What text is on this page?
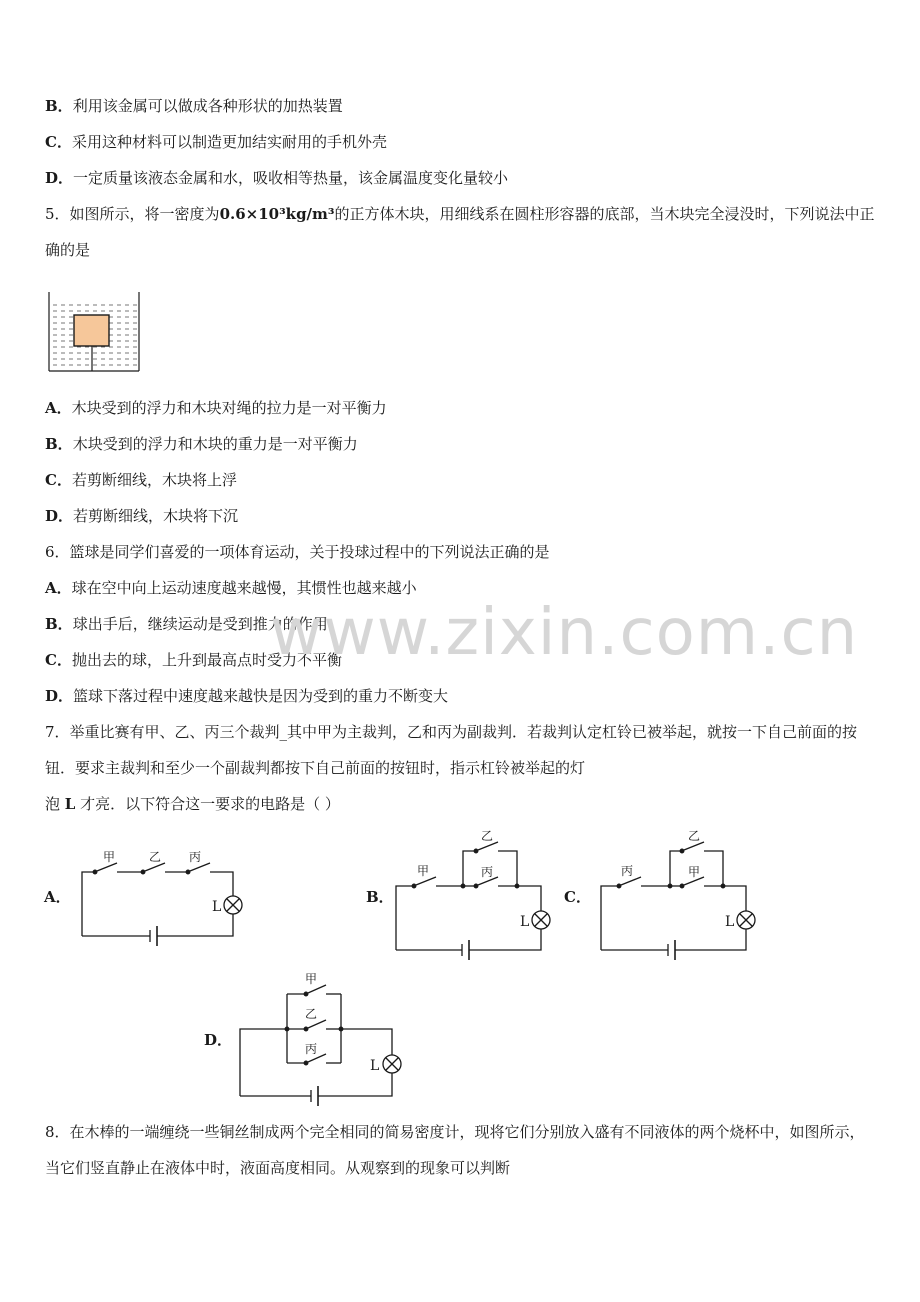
B．利用该金属可以做成各种形状的加热装置
C．采用这种材料可以制造更加结实耐用的手机外壳
D．一定质量该液态金属和水，吸收相等热量，该金属温度变化量较小
5．如图所示，将一密度为0.6×10³kg/m³的正方体木块，用细线系在圆柱形容器的底部，当木块完全浸没时，下列说法中正确的是
A．木块受到的浮力和木块对绳的拉力是一对平衡力
B．木块受到的浮力和木块的重力是一对平衡力
C．若剪断细线，木块将上浮
D．若剪断细线，木块将下沉
6．篮球是同学们喜爱的一项体育运动，关于投球过程中的下列说法正确的是
A．球在空中向上运动速度越来越慢，其惯性也越来越小
B．球出手后，继续运动是受到推力的作用
C．抛出去的球，上升到最高点时受力不平衡
D．篮球下落过程中速度越来越快是因为受到的重力不断变大
www.zixin.com.cn
7．举重比赛有甲、乙、丙三个裁判_其中甲为主裁判，乙和丙为副裁判．若裁判认定杠铃已被举起，就按一下自己前面的按钮．要求主裁判和至少一个副裁判都按下自己前面的按钮时，指示杠铃被举起的灯泡 L 才亮．以下符合这一要求的电路是（ ）
A．
甲	乙 丙
L
B．
甲
乙
丙
L
C．
丙
乙
甲
L
D．
甲
乙
丙
L
8．在木棒的一端缠绕一些铜丝制成两个完全相同的简易密度计，现将它们分别放入盛有不同液体的两个烧杯中，如图所示，当它们竖直静止在液体中时，液面高度相同。从观察到的现象可以判断
